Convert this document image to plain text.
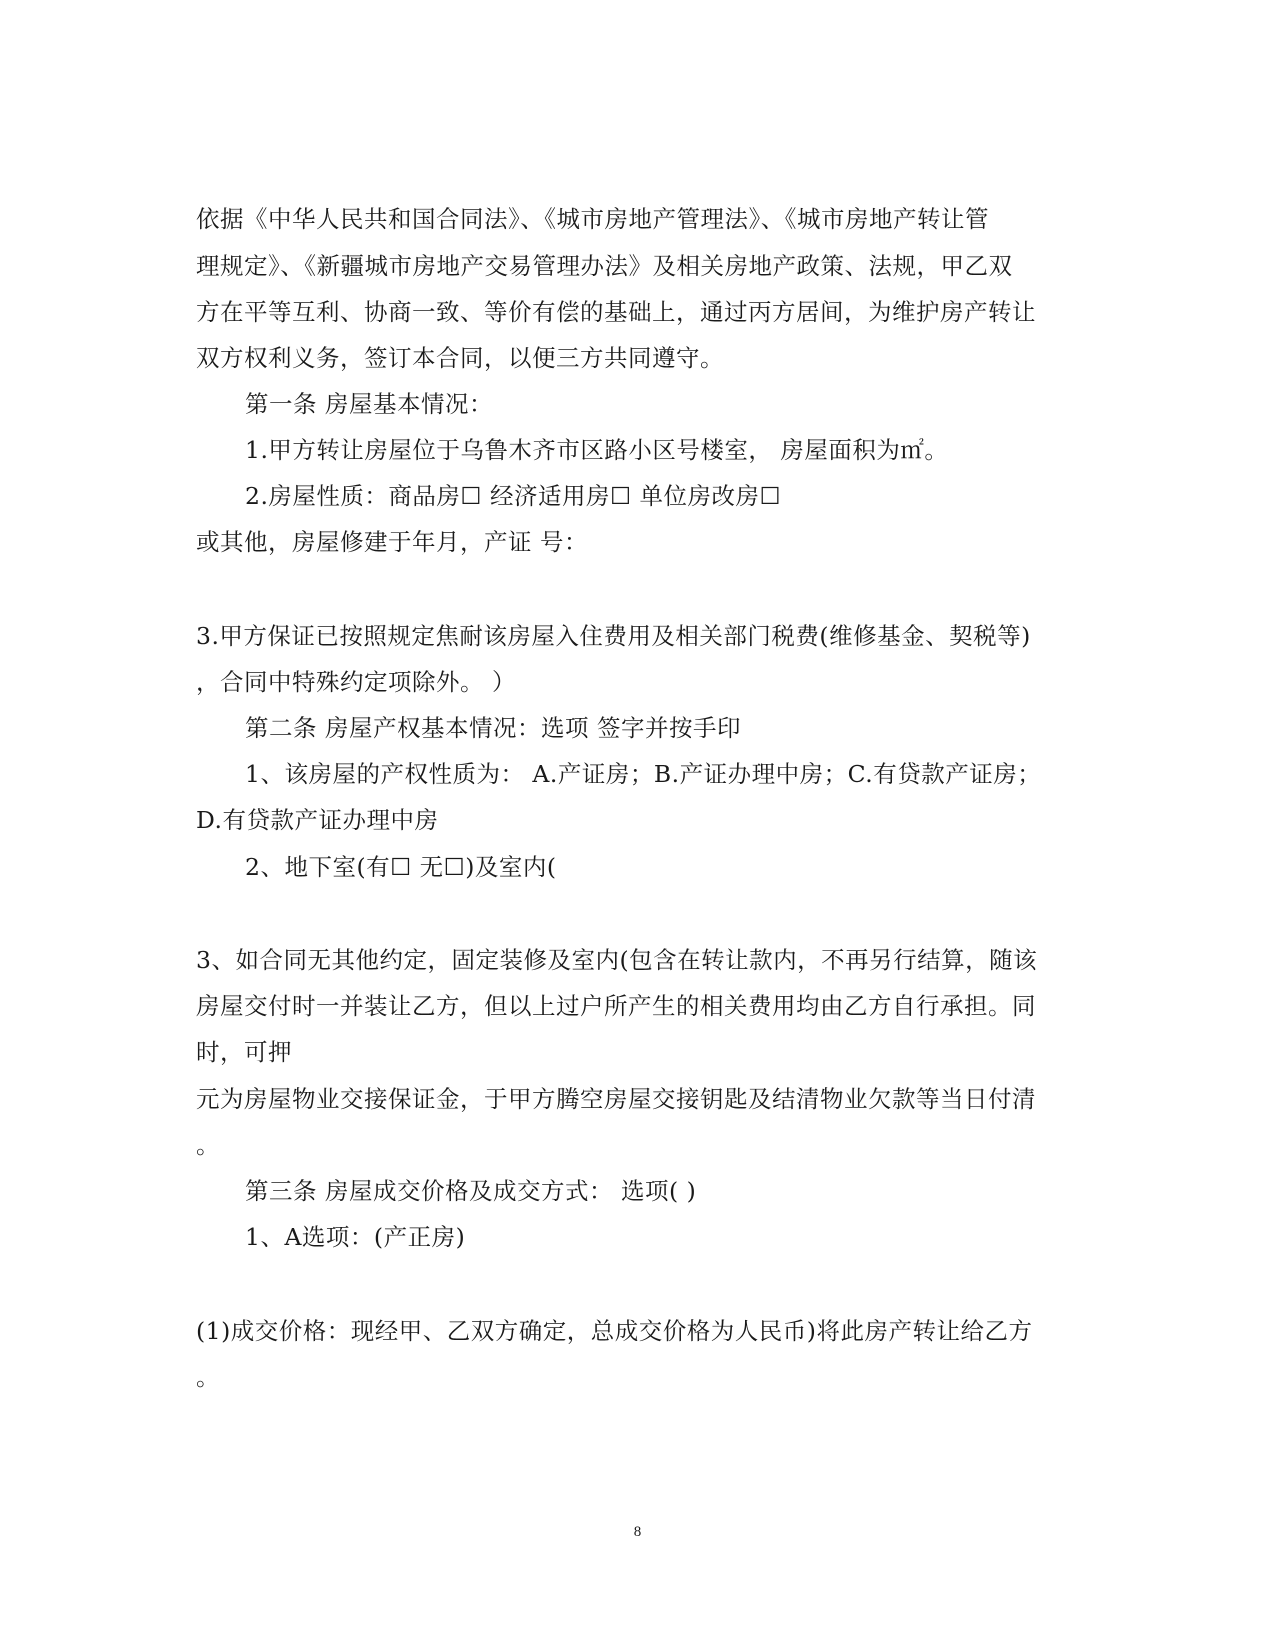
依据《中华人民共和国合同法》、《城市房地产管理法》、《城市房地产转让管
理规定》、《新疆城市房地产交易管理办法》及相关房地产政策、法规，甲乙双
方在平等互利、协商一致、等价有偿的基础上，通过丙方居间，为维护房产转让
双方权利义务，签订本合同，以便三方共同遵守。
第一条 房屋基本情况：
1.甲方转让房屋位于乌鲁木齐市区路小区号楼室， 房屋面积为㎡。
2.房屋性质：商品房☐ 经济适用房☐ 单位房改房☐
或其他，房屋修建于年月，产证 号：
3.甲方保证已按照规定焦耐该房屋入住费用及相关部门税费(维修基金、契税等)
，合同中特殊约定项除外。 ）
第二条 房屋产权基本情况：选项 签字并按手印
1、该房屋的产权性质为： A.产证房；B.产证办理中房；C.有贷款产证房；
D.有贷款产证办理中房
2、地下室(有☐ 无☐)及室内(
3、如合同无其他约定，固定装修及室内(包含在转让款内，不再另行结算，随该
房屋交付时一并装让乙方，但以上过户所产生的相关费用均由乙方自行承担。同
时，可押
元为房屋物业交接保证金，于甲方腾空房屋交接钥匙及结清物业欠款等当日付清
。
第三条 房屋成交价格及成交方式： 选项( )
1、A选项：(产正房)
(1)成交价格：现经甲、乙双方确定，总成交价格为人民币)将此房产转让给乙方
。
8
